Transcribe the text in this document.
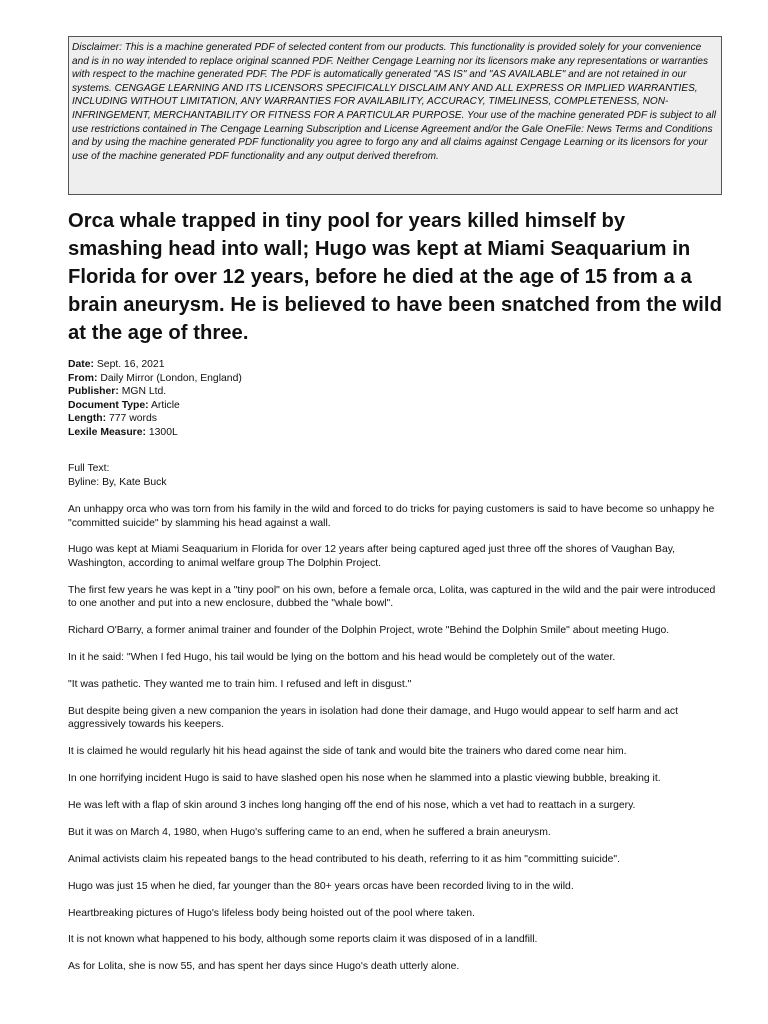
Disclaimer: This is a machine generated PDF of selected content from our products. This functionality is provided solely for your convenience and is in no way intended to replace original scanned PDF. Neither Cengage Learning nor its licensors make any representations or warranties with respect to the machine generated PDF. The PDF is automatically generated "AS IS" and "AS AVAILABLE" and are not retained in our systems. CENGAGE LEARNING AND ITS LICENSORS SPECIFICALLY DISCLAIM ANY AND ALL EXPRESS OR IMPLIED WARRANTIES, INCLUDING WITHOUT LIMITATION, ANY WARRANTIES FOR AVAILABILITY, ACCURACY, TIMELINESS, COMPLETENESS, NON-INFRINGEMENT, MERCHANTABILITY OR FITNESS FOR A PARTICULAR PURPOSE. Your use of the machine generated PDF is subject to all use restrictions contained in The Cengage Learning Subscription and License Agreement and/or the Gale OneFile: News Terms and Conditions and by using the machine generated PDF functionality you agree to forgo any and all claims against Cengage Learning or its licensors for your use of the machine generated PDF functionality and any output derived therefrom.
Orca whale trapped in tiny pool for years killed himself by smashing head into wall; Hugo was kept at Miami Seaquarium in Florida for over 12 years, before he died at the age of 15 from a a brain aneurysm. He is believed to have been snatched from the wild at the age of three.
Date: Sept. 16, 2021
From: Daily Mirror (London, England)
Publisher: MGN Ltd.
Document Type: Article
Length: 777 words
Lexile Measure: 1300L
Full Text:
Byline: By, Kate Buck

An unhappy orca who was torn from his family in the wild and forced to do tricks for paying customers is said to have become so unhappy he "committed suicide" by slamming his head against a wall.

Hugo was kept at Miami Seaquarium in Florida for over 12 years after being captured aged just three off the shores of Vaughan Bay, Washington, according to animal welfare group The Dolphin Project.

The first few years he was kept in a "tiny pool" on his own, before a female orca, Lolita, was captured in the wild and the pair were introduced to one another and put into a new enclosure, dubbed the "whale bowl".

Richard O'Barry, a former animal trainer and founder of the Dolphin Project, wrote "Behind the Dolphin Smile" about meeting Hugo.

In it he said: "When I fed Hugo, his tail would be lying on the bottom and his head would be completely out of the water.

"It was pathetic. They wanted me to train him. I refused and left in disgust."

But despite being given a new companion the years in isolation had done their damage, and Hugo would appear to self harm and act aggressively towards his keepers.

It is claimed he would regularly hit his head against the side of tank and would bite the trainers who dared come near him.

In one horrifying incident Hugo is said to have slashed open his nose when he slammed into a plastic viewing bubble, breaking it.

He was left with a flap of skin around 3 inches long hanging off the end of his nose, which a vet had to reattach in a surgery.

But it was on March 4, 1980, when Hugo's suffering came to an end, when he suffered a brain aneurysm.

Animal activists claim his repeated bangs to the head contributed to his death, referring to it as him "committing suicide".

Hugo was just 15 when he died, far younger than the 80+ years orcas have been recorded living to in the wild.

Heartbreaking pictures of Hugo's lifeless body being hoisted out of the pool where taken.

It is not known what happened to his body, although some reports claim it was disposed of in a landfill.

As for Lolita, she is now 55, and has spent her days since Hugo's death utterly alone.
